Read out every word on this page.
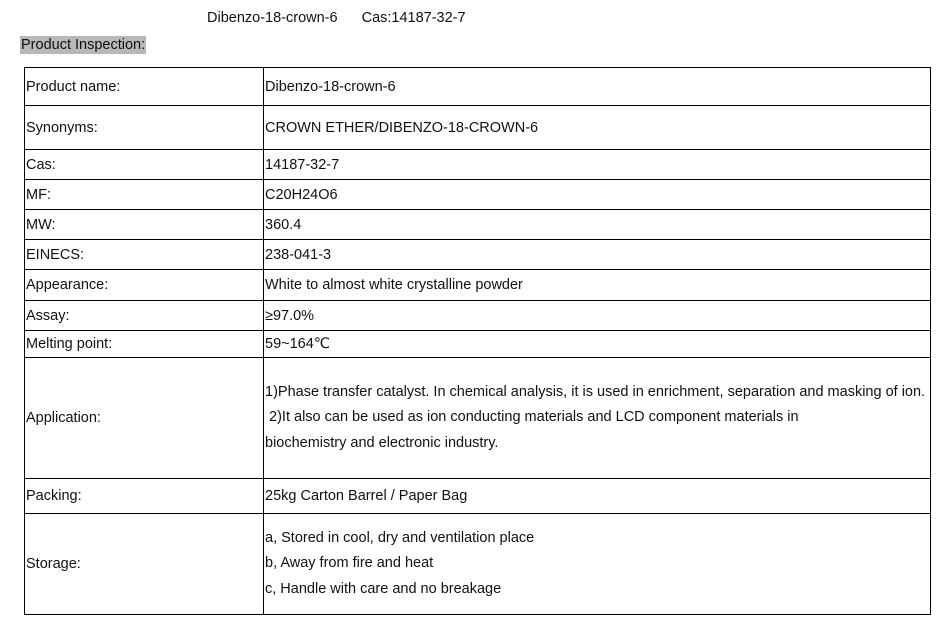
Dibenzo-18-crown-6 Cas:14187-32-7
Product Inspection:
Product name:	Dibenzo-18-crown-6
Synonyms:	CROWN ETHER/DIBENZO-18-CROWN-6
Cas:	14187-32-7
MF:	C20H24O6
MW:	360.4
EINECS:	238-041-3
Appearance:	White to almost white crystalline powder
Assay:	≥97.0%
Melting point:	59~164℃
Application:	1)Phase transfer catalyst. In chemical analysis, it is used in enrichment, separation and masking of ion.
2)It also can be used as ion conducting materials and LCD component materials in
biochemistry and electronic industry.

Packing:	25kg Carton Barrel / Paper Bag
Storage:	a, Stored in cool, dry and ventilation place
b, Away from fire and heat
c, Handle with care and no breakage
